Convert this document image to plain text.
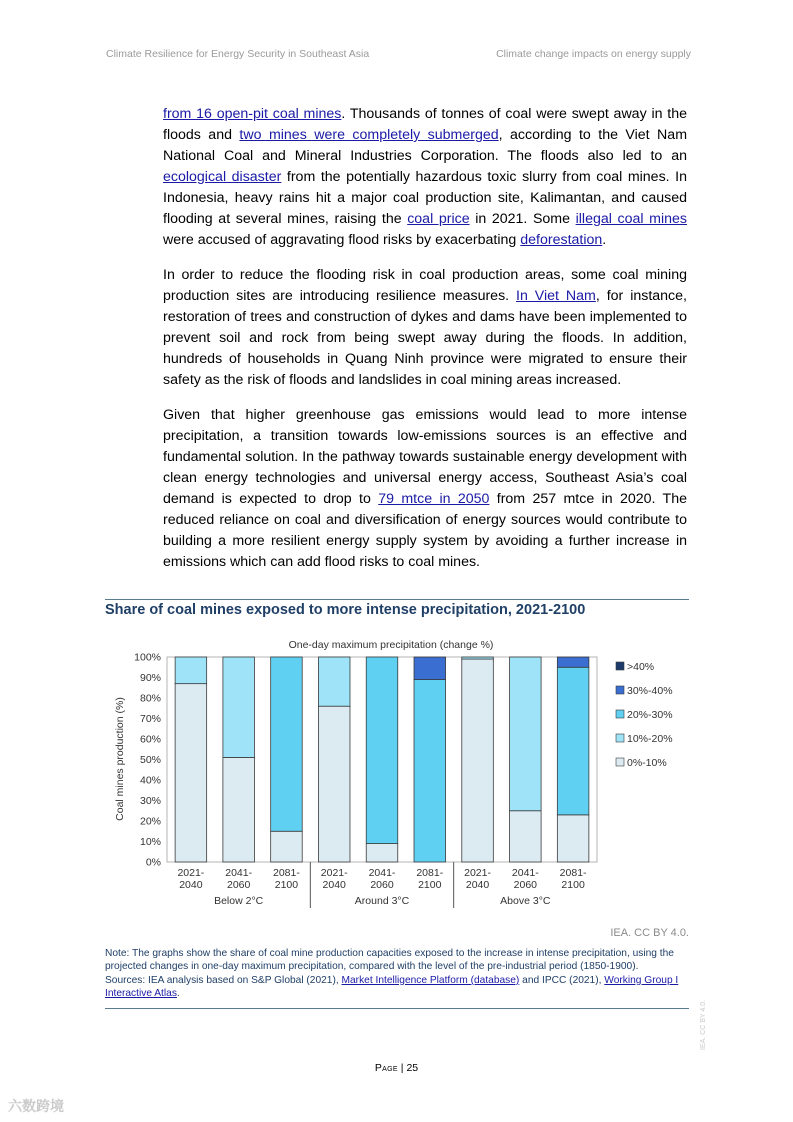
Climate Resilience for Energy Security in Southeast Asia	Climate change impacts on energy supply

from 16 open-pit coal mines. Thousands of tonnes of coal were swept away in the floods and two mines were completely submerged, according to the Viet Nam National Coal and Mineral Industries Corporation. The floods also led to an ecological disaster from the potentially hazardous toxic slurry from coal mines. In Indonesia, heavy rains hit a major coal production site, Kalimantan, and caused flooding at several mines, raising the coal price in 2021. Some illegal coal mines were accused of aggravating flood risks by exacerbating deforestation.

In order to reduce the flooding risk in coal production areas, some coal mining production sites are introducing resilience measures. In Viet Nam, for instance, restoration of trees and construction of dykes and dams have been implemented to prevent soil and rock from being swept away during the floods. In addition, hundreds of households in Quang Ninh province were migrated to ensure their safety as the risk of floods and landslides in coal mining areas increased.

Given that higher greenhouse gas emissions would lead to more intense precipitation, a transition towards low-emissions sources is an effective and fundamental solution. In the pathway towards sustainable energy development with clean energy technologies and universal energy access, Southeast Asia’s coal demand is expected to drop to 79 mtce in 2050 from 257 mtce in 2020. The reduced reliance on coal and diversification of energy sources would contribute to building a more resilient energy supply system by avoiding a further increase in emissions which can add flood risks to coal mines.

Share of coal mines exposed to more intense precipitation, 2021-2100
One-day maximum precipitation (change %)
Coal mines production (%)
0%
10%
20%
30%
40%
50%
60%
70%
80%
90%
100%
2021-
2040
2041-
2060
2081-
2100
2021-
2040
2041-
2060
2081-
2100
2021-
2040
2041-
2060
2081-
2100
Below 2°C	Around 3°C	Above 3°C
>40%
30%-40%
20%-30%
10%-20%
0%-10%
IEA. CC BY 4.0.

Note: The graphs show the share of coal mine production capacities exposed to the increase in intense precipitation, using the projected changes in one-day maximum precipitation, compared with the level of the pre-industrial period (1850-1900).

Sources: IEA analysis based on S&P Global (2021), Market Intelligence Platform (database) and IPCC (2021), Working Group I Interactive Atlas.

Page | 25
IEA. CC BY 4.0.
六数跨境
